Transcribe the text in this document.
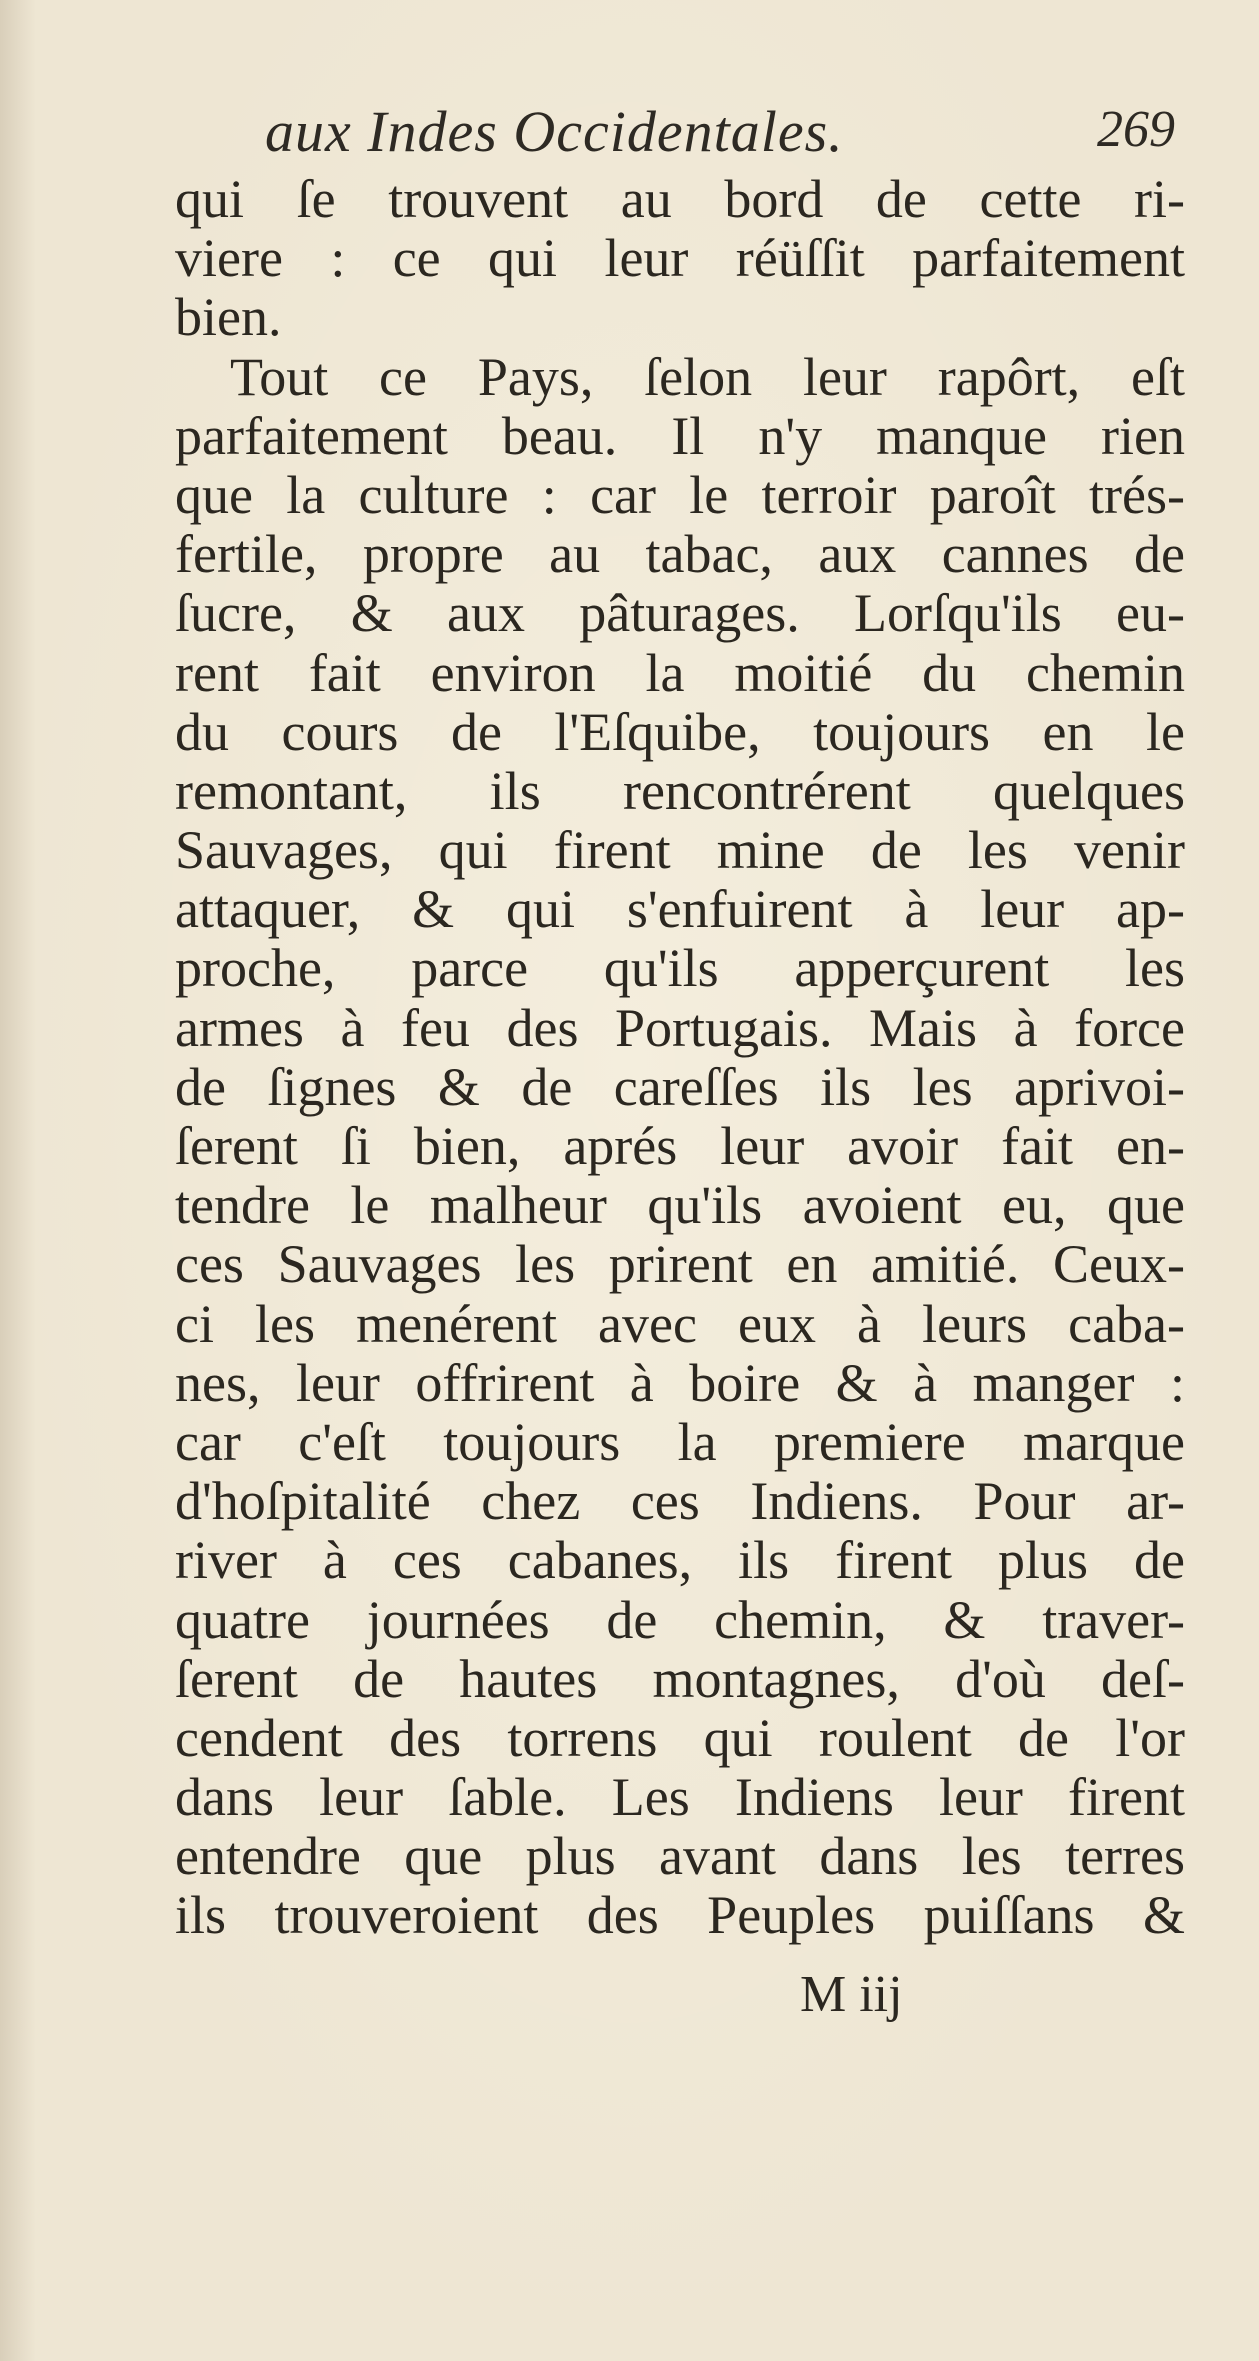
aux Indes Occidentales.	269
qui ſe trouvent au bord de cette ri-
viere : ce qui leur réüſſit parfaitement
bien.
Tout ce Pays, ſelon leur rapôrt, eſt
parfaitement beau. Il n'y manque rien
que la culture : car le terroir paroît trés-
fertile, propre au tabac, aux cannes de
ſucre, & aux pâturages. Lorſqu'ils eu-
rent fait environ la moitié du chemin
du cours de l'Eſquibe, toujours en le
remontant, ils rencontrérent quelques
Sauvages, qui firent mine de les venir
attaquer, & qui s'enfuirent à leur ap-
proche, parce qu'ils apperçurent les
armes à feu des Portugais. Mais à force
de ſignes & de careſſes ils les aprivoi-
ſerent ſi bien, aprés leur avoir fait en-
tendre le malheur qu'ils avoient eu, que
ces Sauvages les prirent en amitié. Ceux-
ci les menérent avec eux à leurs caba-
nes, leur offrirent à boire & à manger :
car c'eſt toujours la premiere marque
d'hoſpitalité chez ces Indiens. Pour ar-
river à ces cabanes, ils firent plus de
quatre journées de chemin, & traver-
ſerent de hautes montagnes, d'où deſ-
cendent des torrens qui roulent de l'or
dans leur ſable. Les Indiens leur firent
entendre que plus avant dans les terres
ils trouveroient des Peuples puiſſans &
M iij
